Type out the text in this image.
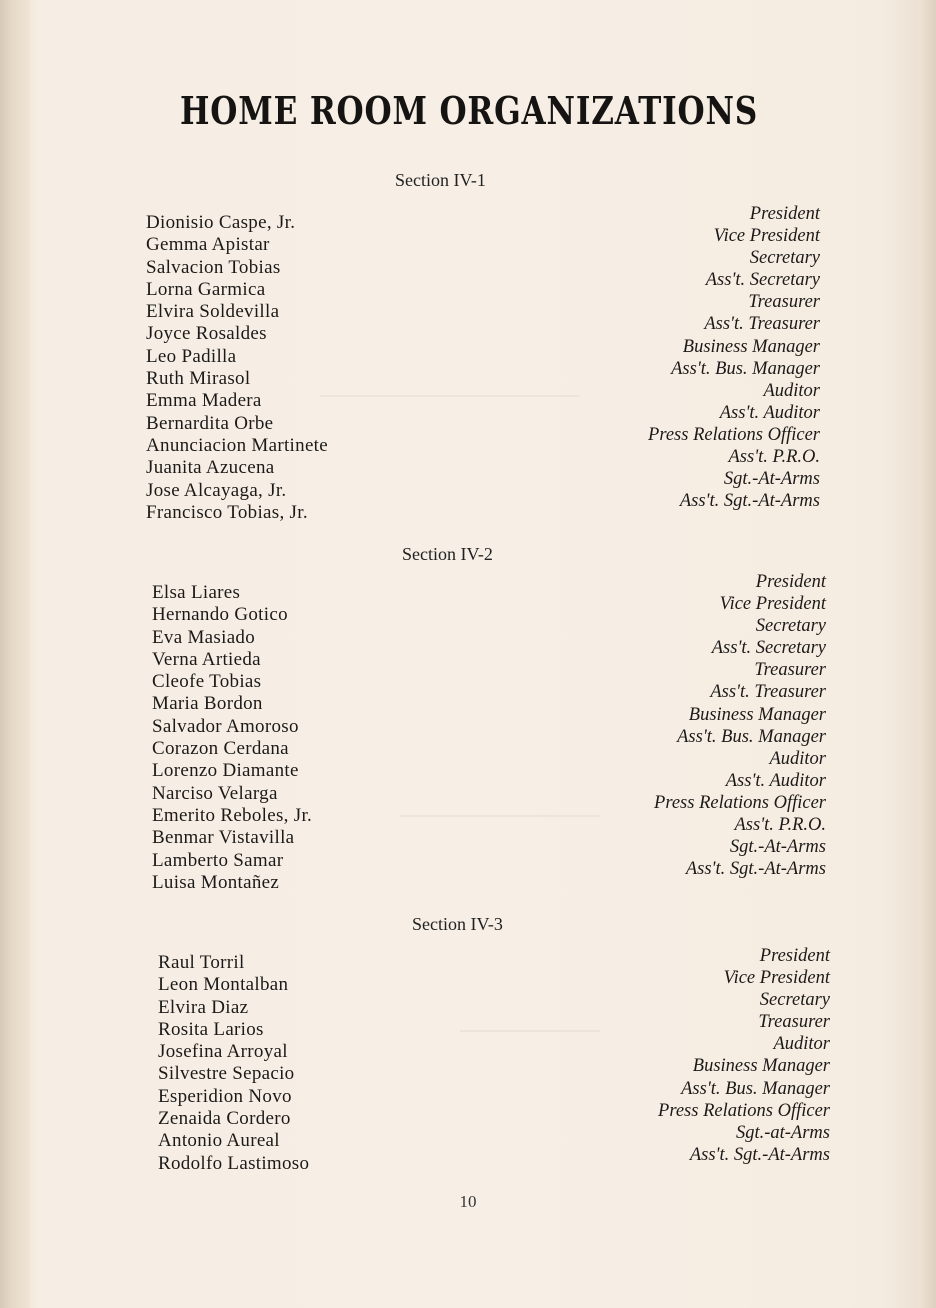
HOME ROOM ORGANIZATIONS
Section IV-1
Dionisio Caspe, Jr.
Gemma Apistar
Salvacion Tobias
Lorna Garmica
Elvira Soldevilla
Joyce Rosaldes
Leo Padilla
Ruth Mirasol
Emma Madera
Bernardita Orbe
Anunciacion Martinete
Juanita Azucena
Jose Alcayaga, Jr.
Francisco Tobias, Jr.
President
Vice President
Secretary
Ass't. Secretary
Treasurer
Ass't. Treasurer
Business Manager
Ass't. Bus. Manager
Auditor
Ass't. Auditor
Press Relations Officer
Ass't. P.R.O.
Sgt.-At-Arms
Ass't. Sgt.-At-Arms
Section IV-2
Elsa Liares
Hernando Gotico
Eva Masiado
Verna Artieda
Cleofe Tobias
Maria Bordon
Salvador Amoroso
Corazon Cerdana
Lorenzo Diamante
Narciso Velarga
Emerito Reboles, Jr.
Benmar Vistavilla
Lamberto Samar
Luisa Montañez
President
Vice President
Secretary
Ass't. Secretary
Treasurer
Ass't. Treasurer
Business Manager
Ass't. Bus. Manager
Auditor
Ass't. Auditor
Press Relations Officer
Ass't. P.R.O.
Sgt.-At-Arms
Ass't. Sgt.-At-Arms
Section IV-3
Raul Torril
Leon Montalban
Elvira Diaz
Rosita Larios
Josefina Arroyal
Silvestre Sepacio
Esperidion Novo
Zenaida Cordero
Antonio Aureal
Rodolfo Lastimoso
President
Vice President
Secretary
Treasurer
Auditor
Business Manager
Ass't. Bus. Manager
Press Relations Officer
Sgt.-at-Arms
Ass't. Sgt.-At-Arms
10
